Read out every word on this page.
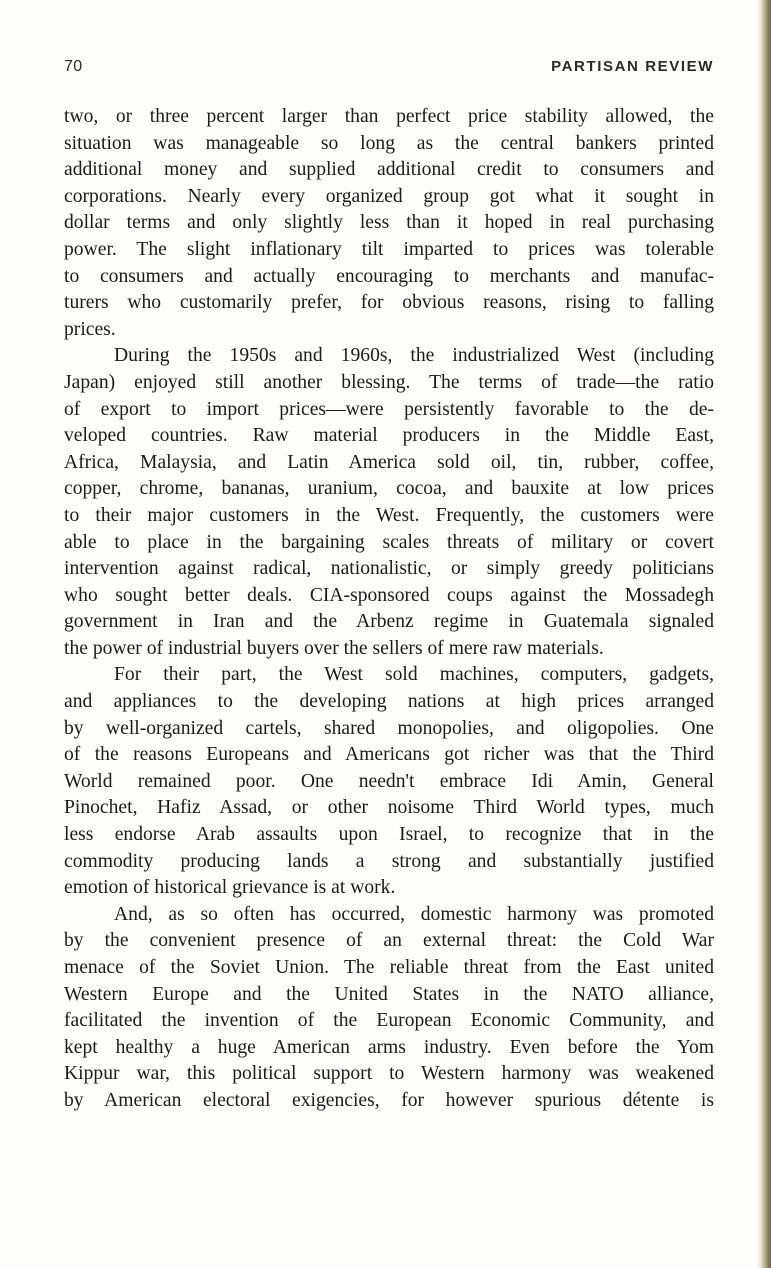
70	PARTISAN REVIEW
two, or three percent larger than perfect price stability allowed, the
situation was manageable so long as the central bankers printed
additional money and supplied additional credit to consumers and
corporations. Nearly every organized group got what it sought in
dollar terms and only slightly less than it hoped in real purchasing
power. The slight inflationary tilt imparted to prices was tolerable
to consumers and actually encouraging to merchants and manufac-
turers who customarily prefer, for obvious reasons, rising to falling
prices.
During the 1950s and 1960s, the industrialized West (including
Japan) enjoyed still another blessing. The terms of trade—the ratio
of export to import prices—were persistently favorable to the de-
veloped countries. Raw material producers in the Middle East,
Africa, Malaysia, and Latin America sold oil, tin, rubber, coffee,
copper, chrome, bananas, uranium, cocoa, and bauxite at low prices
to their major customers in the West. Frequently, the customers were
able to place in the bargaining scales threats of military or covert
intervention against radical, nationalistic, or simply greedy politicians
who sought better deals. CIA-sponsored coups against the Mossadegh
government in Iran and the Arbenz regime in Guatemala signaled
the power of industrial buyers over the sellers of mere raw materials.
For their part, the West sold machines, computers, gadgets,
and appliances to the developing nations at high prices arranged
by well-organized cartels, shared monopolies, and oligopolies. One
of the reasons Europeans and Americans got richer was that the Third
World remained poor. One needn't embrace Idi Amin, General
Pinochet, Hafiz Assad, or other noisome Third World types, much
less endorse Arab assaults upon Israel, to recognize that in the
commodity producing lands a strong and substantially justified
emotion of historical grievance is at work.
And, as so often has occurred, domestic harmony was promoted
by the convenient presence of an external threat: the Cold War
menace of the Soviet Union. The reliable threat from the East united
Western Europe and the United States in the NATO alliance,
facilitated the invention of the European Economic Community, and
kept healthy a huge American arms industry. Even before the Yom
Kippur war, this political support to Western harmony was weakened
by American electoral exigencies, for however spurious détente is
